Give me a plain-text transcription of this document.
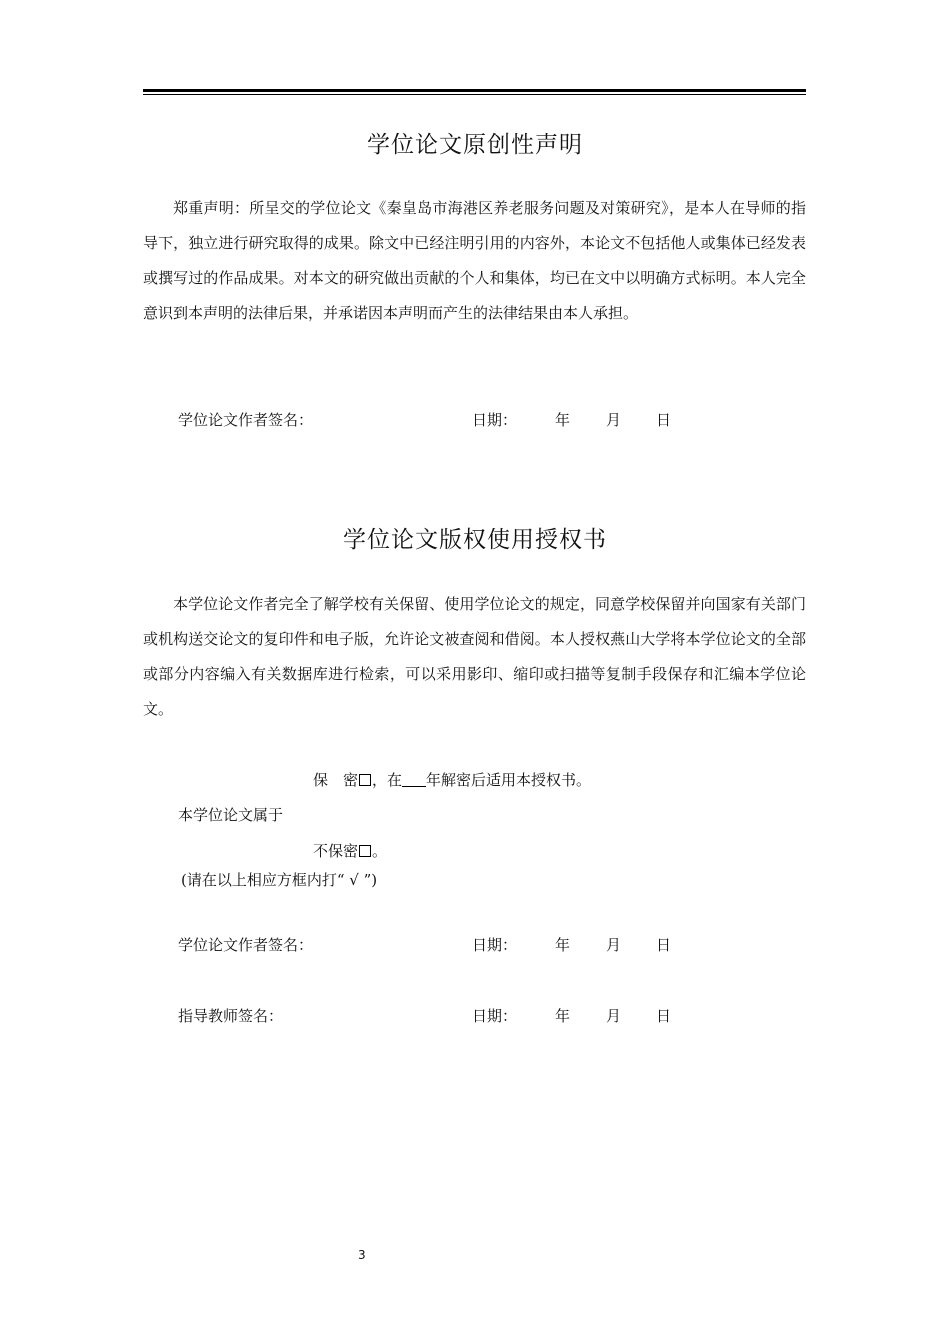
学位论文原创性声明
郑重声明：所呈交的学位论文《秦皇岛市海港区养老服务问题及对策研究》，是本人在导师的指导下，独立进行研究取得的成果。除文中已经注明引用的内容外，本论文不包括他人或集体已经发表或撰写过的作品成果。对本文的研究做出贡献的个人和集体，均已在文中以明确方式标明。本人完全意识到本声明的法律后果，并承诺因本声明而产生的法律结果由本人承担。
学位论文作者签名：	日期：	年 月 日
学位论文版权使用授权书
本学位论文作者完全了解学校有关保留、使用学位论文的规定，同意学校保留并向国家有关部门或机构送交论文的复印件和电子版，允许论文被查阅和借阅。本人授权燕山大学将本学位论文的全部或部分内容编入有关数据库进行检索，可以采用影印、缩印或扫描等复制手段保存和汇编本学位论文。
保　密 ，在 年解密后适用本授权书。
本学位论文属于
不保密 。
(请在以上相应方框内打“ √ ”)
学位论文作者签名：	日期：	年 月 日
指导教师签名：	日期：	年 月 日
3
